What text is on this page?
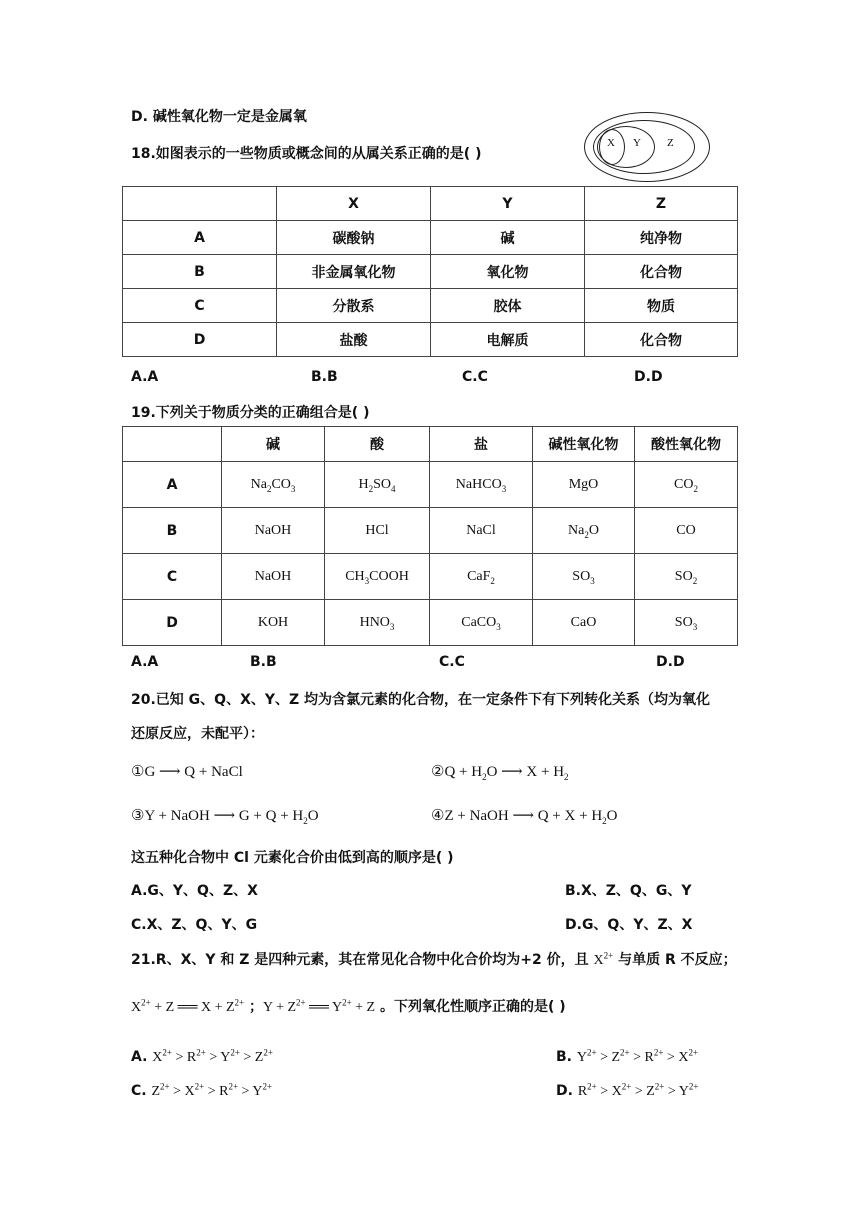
D. 碱性氧化物一定是金属氧
18.如图表示的一些物质或概念间的从属关系正确的是( )
X Y Z
	X	Y	Z
A	碳酸钠	碱	纯净物
B	非金属氧化物	氧化物	化合物
C	分散系	胶体	物质
D	盐酸	电解质	化合物
A.A	B.B	C.C	D.D
19.下列关于物质分类的正确组合是( )
	碱	酸	盐	碱性氧化物	酸性氧化物
A	$Na_2CO_3$	$H_2SO_4$	NaHCO$_3$	MgO	$CO_2$
B	NaOH	HCl	NaCl	$Na_2O$	CO
C	NaOH	$CH_3COOH$	CaF$_2$	$SO_3$	$SO_2$
D	KOH	$HNO_3$	CaCO$_3$	CaO	$SO_3$
A.A	B.B	C.C	D.D
20.已知 G、Q、X、Y、Z 均为含氯元素的化合物，在一定条件下有下列转化关系（均为氧化
还原反应，未配平）：
①G ⟶ Q + NaCl	②Q + $H_2O$ ⟶ $X + H_2$
③Y + NaOH ⟶ $G + Q + H_2O$	④Z + NaOH ⟶ $Q + X + H_2O$
这五种化合物中 Cl 元素化合价由低到高的顺序是( )
A.G、Y、Q、Z、X	B.X、Z、Q、G、Y
C.X、Z、Q、Y、G	D.G、Q、Y、Z、X
21.R、X、Y 和 Z 是四种元素，其在常见化合物中化合价均为+2 价，且 $X^{2+}$ 与单质 R 不反应；
$X^{2+} + Z$ ══ $X + Z^{2+}$ ；$Y + Z^{2+}$ ══ $Y^{2+} + Z$ 。下列氧化性顺序正确的是( )
A. $X^{2+} > R^{2+} > Y^{2+} > Z^{2+}$	B. $Y^{2+} > Z^{2+} > R^{2+} > X^{2+}$
C. $Z^{2+} > X^{2+} > R^{2+} > Y^{2+}$	D. $R^{2+} > X^{2+} > Z^{2+} > Y^{2+}$
